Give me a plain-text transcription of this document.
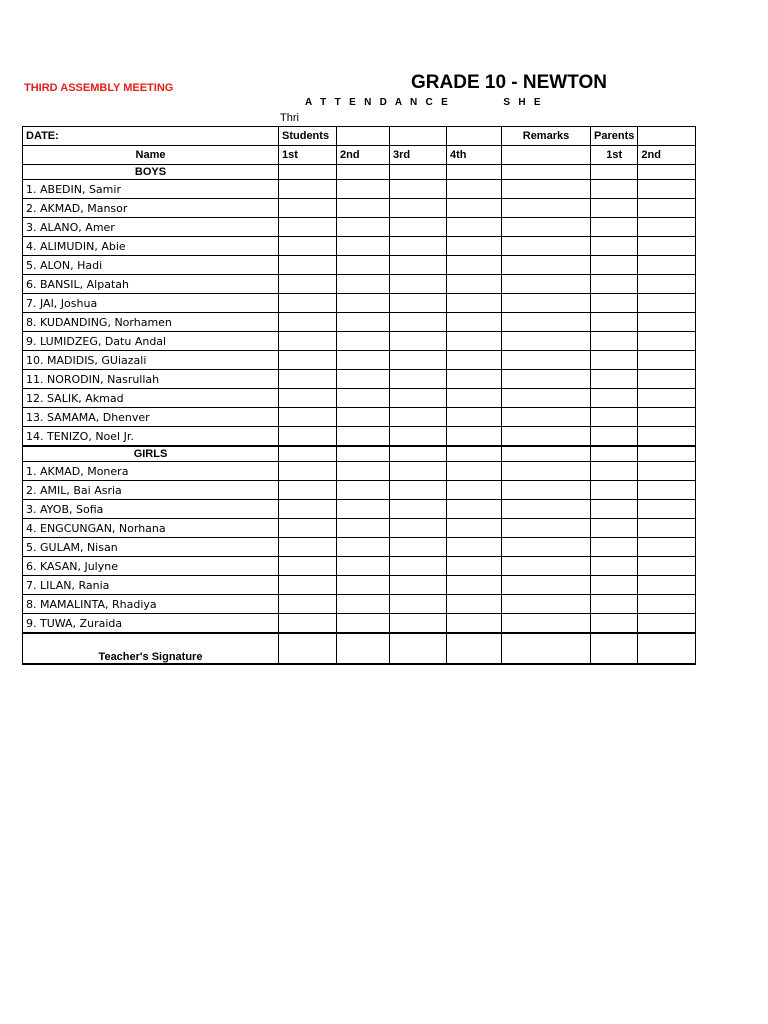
THIRD ASSEMBLY MEETING	GRADE 10 - NEWTON
A   T   T   E   N   D   A   N   C   E                    S   H   E
Thri
DATE:	Students				Remarks	Parents	
Name	1st	2nd	3rd	4th		1st	2nd
BOYS							
1. ABEDIN, Samir							
2. AKMAD, Mansor							
3. ALANO, Amer							
4. ALIMUDIN, Abie							
5. ALON, Hadi							
6. BANSIL, Alpatah							
7. JAI, Joshua							
8. KUDANDING, Norhamen							
9. LUMIDZEG, Datu Andal							
10. MADIDIS, GUiazali							
11. NORODIN, Nasrullah							
12. SALIK, Akmad							
13. SAMAMA, Dhenver							
14. TENIZO, Noel Jr.							
GIRLS							
1. AKMAD, Monera							
2. AMIL, Bai Asria							
3. AYOB, Sofia							
4. ENGCUNGAN, Norhana							
5. GULAM, Nisan							
6. KASAN, Julyne							
7. LILAN, Rania							
8. MAMALINTA, Rhadiya							
9. TUWA, Zuraida							
Teacher's Signature							
